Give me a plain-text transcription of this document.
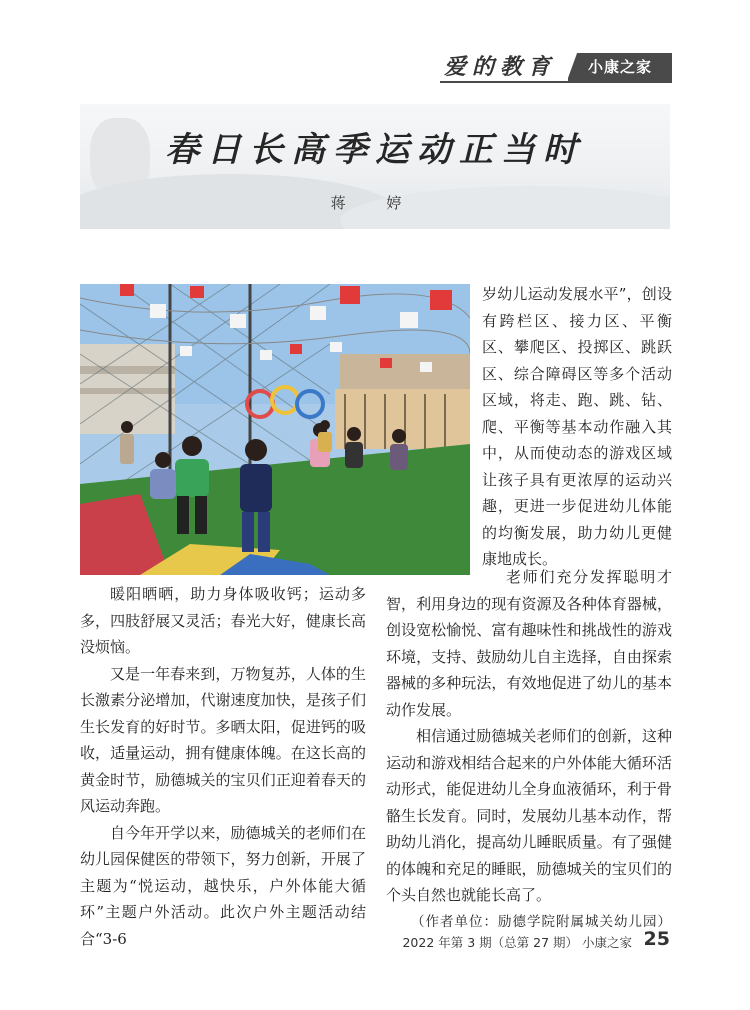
爱的教育	小康之家
春日长高季运动正当时
蒋 婷

岁幼儿运动发展水平”，创设有跨栏区、接力区、平衡区、攀爬区、投掷区、跳跃区、综合障碍区等多个活动区域，将走、跑、跳、钻、爬、平衡等基本动作融入其中，从而使动态的游戏区域让孩子具有更浓厚的运动兴趣，更进一步促进幼儿体能的均衡发展，助力幼儿更健康地成长。

暖阳晒晒，助力身体吸收钙；运动多多，四肢舒展又灵活；春光大好，健康长高没烦恼。

又是一年春来到，万物复苏，人体的生长激素分泌增加，代谢速度加快，是孩子们生长发育的好时节。多晒太阳，促进钙的吸收，适量运动，拥有健康体魄。在这长高的黄金时节，励德城关的宝贝们正迎着春天的风运动奔跑。

自今年开学以来，励德城关的老师们在幼儿园保健医的带领下，努力创新，开展了主题为“悦运动，越快乐，户外体能大循环”主题户外活动。此次户外主题活动结合“3-6

老师们充分发挥聪明才智，利用身边的现有资源及各种体育器械，创设宽松愉悦、富有趣味性和挑战性的游戏环境，支持、鼓励幼儿自主选择，自由探索器械的多种玩法，有效地促进了幼儿的基本动作发展。

相信通过励德城关老师们的创新，这种运动和游戏相结合起来的户外体能大循环活动形式，能促进幼儿全身血液循环，利于骨骼生长发育。同时，发展幼儿基本动作，帮助幼儿消化，提高幼儿睡眠质量。有了强健的体魄和充足的睡眠，励德城关的宝贝们的个头自然也就能长高了。

（作者单位：励德学院附属城关幼儿园）

2022 年第 3 期（总第 27 期） 小康之家 25
